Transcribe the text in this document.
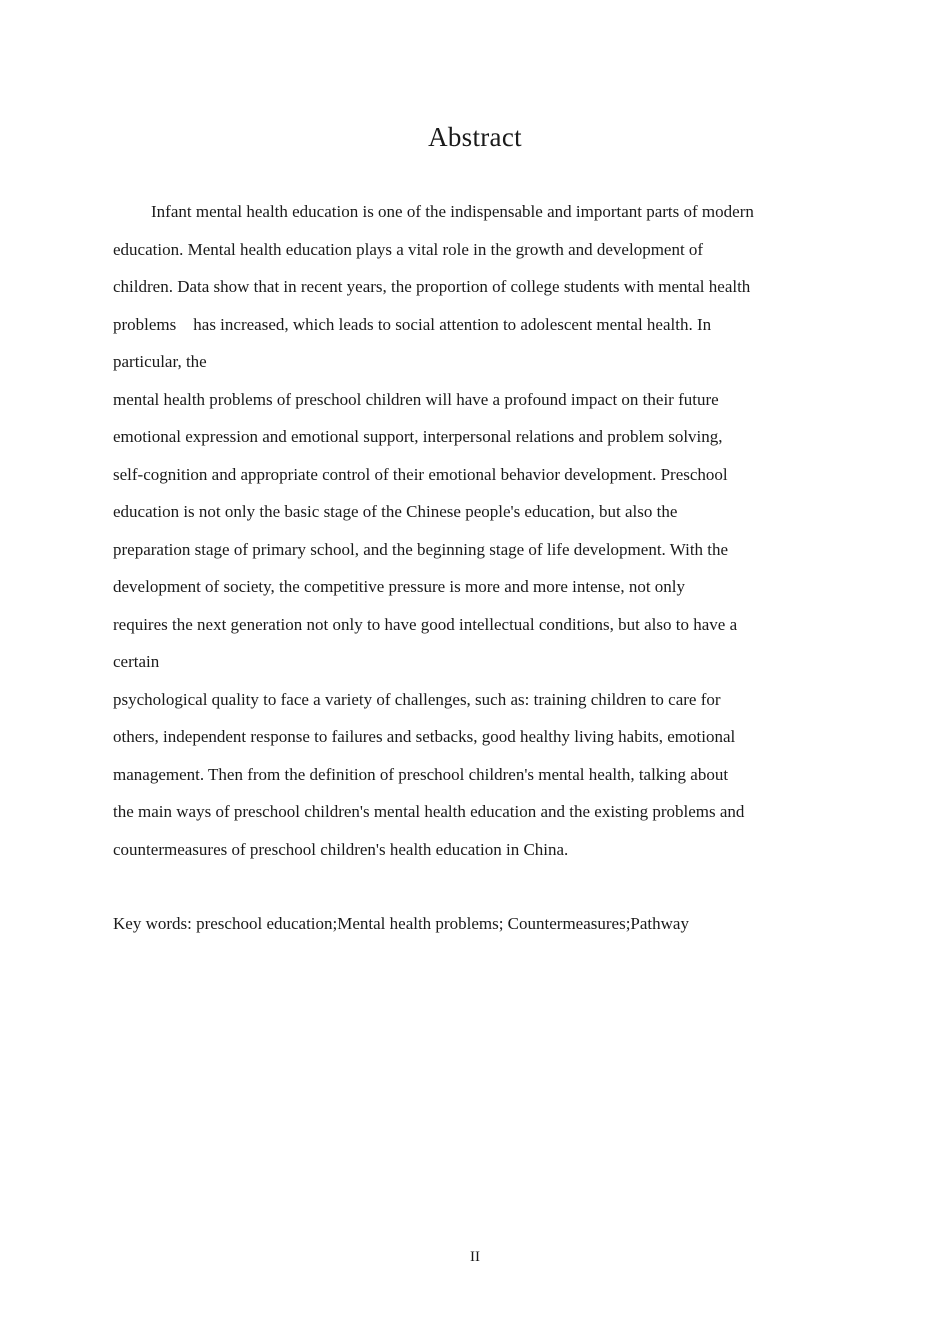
Abstract
Infant mental health education is one of the indispensable and important parts of modern
education. Mental health education plays a vital role in the growth and development of
children. Data show that in recent years, the proportion of college students with mental health
problems    has increased, which leads to social attention to adolescent mental health. In
particular, the
mental health problems of preschool children will have a profound impact on their future
emotional expression and emotional support, interpersonal relations and problem solving,
self-cognition and appropriate control of their emotional behavior development. Preschool
education is not only the basic stage of the Chinese people's education, but also the
preparation stage of primary school, and the beginning stage of life development. With the
development of society, the competitive pressure is more and more intense, not only
requires the next generation not only to have good intellectual conditions, but also to have a
certain
psychological quality to face a variety of challenges, such as: training children to care for
others, independent response to failures and setbacks, good healthy living habits, emotional
management. Then from the definition of preschool children's mental health, talking about
the main ways of preschool children's mental health education and the existing problems and
countermeasures of preschool children's health education in China.
Key words: preschool education;Mental health problems; Countermeasures;Pathway
II
